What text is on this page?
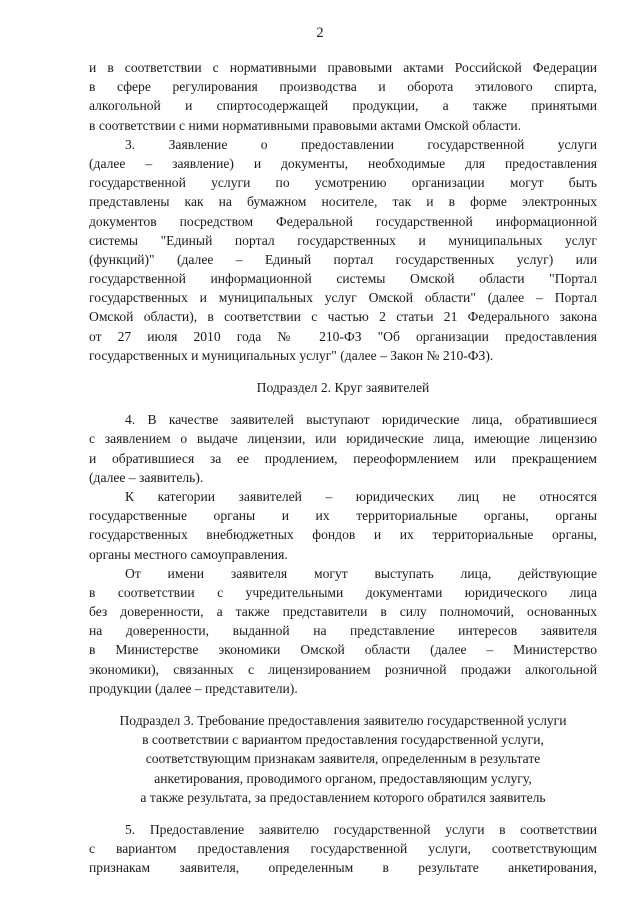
2
и в соответствии с нормативными правовыми актами Российской Федерации
в сфере регулирования производства и оборота этилового спирта,
алкогольной и спиртосодержащей продукции, а также принятыми
в соответствии с ними нормативными правовыми актами Омской области.
3. Заявление о предоставлении государственной услуги
(далее – заявление) и документы, необходимые для предоставления
государственной услуги по усмотрению организации могут быть
представлены как на бумажном носителе, так и в форме электронных
документов посредством Федеральной государственной информационной
системы "Единый портал государственных и муниципальных услуг
(функций)" (далее – Единый портал государственных услуг) или
государственной информационной системы Омской области "Портал
государственных и муниципальных услуг Омской области" (далее – Портал
Омской области), в соответствии с частью 2 статьи 21 Федерального закона
от 27 июля 2010 года № 210-ФЗ "Об организации предоставления
государственных и муниципальных услуг" (далее – Закон № 210-ФЗ).
Подраздел 2. Круг заявителей
4. В качестве заявителей выступают юридические лица, обратившиеся
с заявлением о выдаче лицензии, или юридические лица, имеющие лицензию
и обратившиеся за ее продлением, переоформлением или прекращением
(далее – заявитель).
К категории заявителей – юридических лиц не относятся
государственные органы и их территориальные органы, органы
государственных внебюджетных фондов и их территориальные органы,
органы местного самоуправления.
От имени заявителя могут выступать лица, действующие
в соответствии с учредительными документами юридического лица
без доверенности, а также представители в силу полномочий, основанных
на доверенности, выданной на представление интересов заявителя
в Министерстве экономики Омской области (далее – Министерство
экономики), связанных с лицензированием розничной продажи алкогольной
продукции (далее – представители).
Подраздел 3. Требование предоставления заявителю государственной услуги
в соответствии с вариантом предоставления государственной услуги,
соответствующим признакам заявителя, определенным в результате
анкетирования, проводимого органом, предоставляющим услугу,
а также результата, за предоставлением которого обратился заявитель
5. Предоставление заявителю государственной услуги в соответствии
с вариантом предоставления государственной услуги, соответствующим
признакам заявителя, определенным в результате анкетирования,
